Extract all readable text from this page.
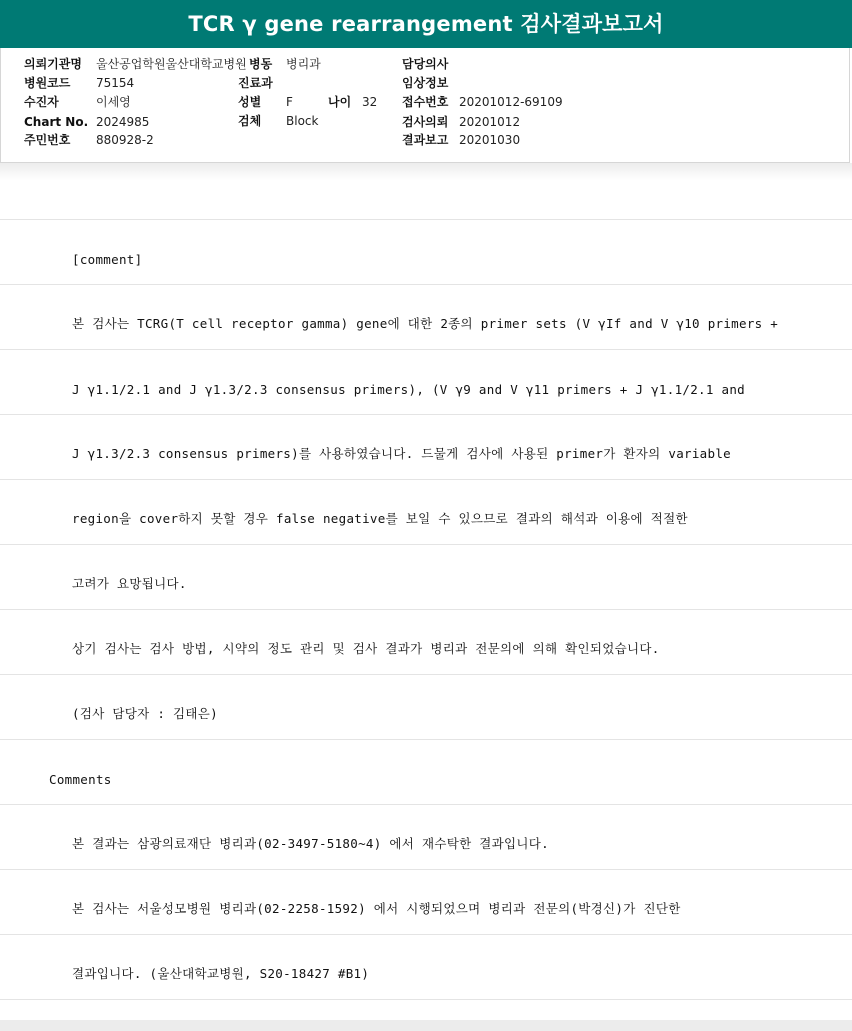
TCR γ gene rearrangement 검사결과보고서
의뢰기관명 울산공업학원울산대학교병원 병동 병리과	담당의사
병원코드 75154	진료과	임상정보
수진자	이세영	성별 F	나이 32 접수번호 20201012-69109
Chart No. 2024985	검체 Block	검사의뢰 20201012
주민번호 880928-2	결과보고 20201030
[comment]
본 검사는 TCRG(T cell receptor gamma) gene에 대한 2종의 primer sets (V γIf and V γ10 primers +
J γ1.1/2.1 and J γ1.3/2.3 consensus primers), (V γ9 and V γ11 primers + J γ1.1/2.1 and
J γ1.3/2.3 consensus primers)를 사용하였습니다. 드물게 검사에 사용된 primer가 환자의 variable
region을 cover하지 못할 경우 false negative를 보일 수 있으므로 결과의 해석과 이용에 적절한
고려가 요망됩니다.
상기 검사는 검사 방법, 시약의 정도 관리 및 검사 결과가 병리과 전문의에 의해 확인되었습니다.
(검사 담당자 : 김태은)
Comments
본 결과는 삼광의료재단 병리과(02-3497-5180~4) 에서 재수탁한 결과입니다.
본 검사는 서울성모병원 병리과(02-2258-1592) 에서 시행되었으며 병리과 전문의(박경신)가 진단한
결과입니다. (울산대학교병원, S20-18427 #B1)
